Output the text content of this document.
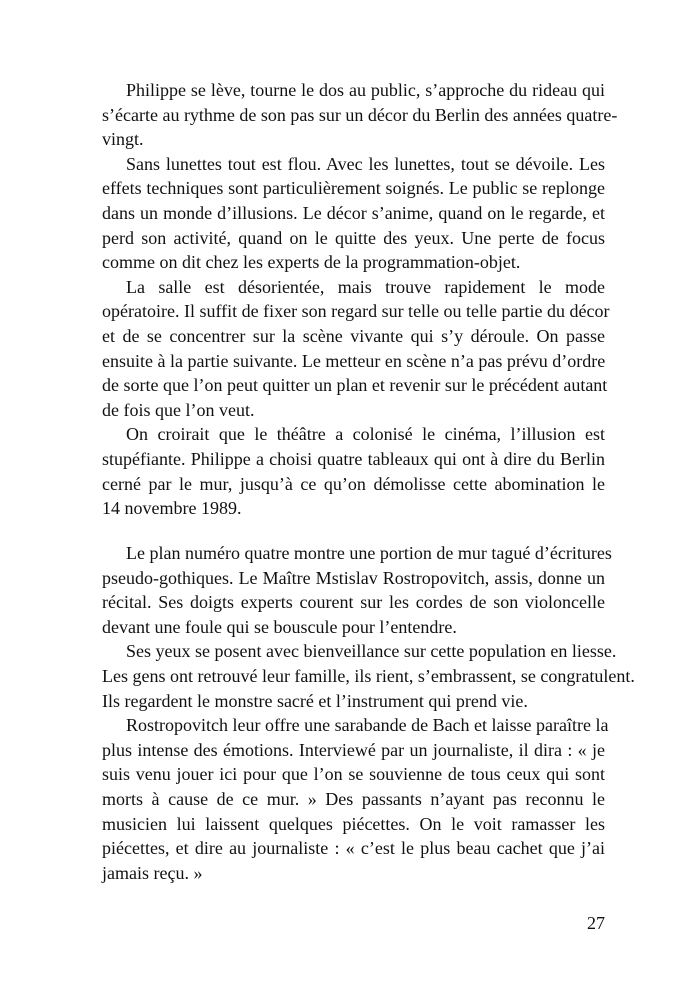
Philippe se lève, tourne le dos au public, s’approche du rideau qui
s’écarte au rythme de son pas sur un décor du Berlin des années quatre-
vingt.
Sans lunettes tout est flou. Avec les lunettes, tout se dévoile. Les
effets techniques sont particulièrement soignés. Le public se replonge
dans un monde d’illusions. Le décor s’anime, quand on le regarde, et
perd son activité, quand on le quitte des yeux. Une perte de focus
comme on dit chez les experts de la programmation-objet.
La salle est désorientée, mais trouve rapidement le mode
opératoire. Il suffit de fixer son regard sur telle ou telle partie du décor
et de se concentrer sur la scène vivante qui s’y déroule. On passe
ensuite à la partie suivante. Le metteur en scène n’a pas prévu d’ordre
de sorte que l’on peut quitter un plan et revenir sur le précédent autant
de fois que l’on veut.
On croirait que le théâtre a colonisé le cinéma, l’illusion est
stupéfiante. Philippe a choisi quatre tableaux qui ont à dire du Berlin
cerné par le mur, jusqu’à ce qu’on démolisse cette abomination le
14 novembre 1989.
Le plan numéro quatre montre une portion de mur tagué d’écritures
pseudo-gothiques. Le Maître Mstislav Rostropovitch, assis, donne un
récital. Ses doigts experts courent sur les cordes de son violoncelle
devant une foule qui se bouscule pour l’entendre.
Ses yeux se posent avec bienveillance sur cette population en liesse.
Les gens ont retrouvé leur famille, ils rient, s’embrassent, se congratulent.
Ils regardent le monstre sacré et l’instrument qui prend vie.
Rostropovitch leur offre une sarabande de Bach et laisse paraître la
plus intense des émotions. Interviewé par un journaliste, il dira : « je
suis venu jouer ici pour que l’on se souvienne de tous ceux qui sont
morts à cause de ce mur. » Des passants n’ayant pas reconnu le
musicien lui laissent quelques piécettes. On le voit ramasser les
piécettes, et dire au journaliste : « c’est le plus beau cachet que j’ai
jamais reçu. »
27
